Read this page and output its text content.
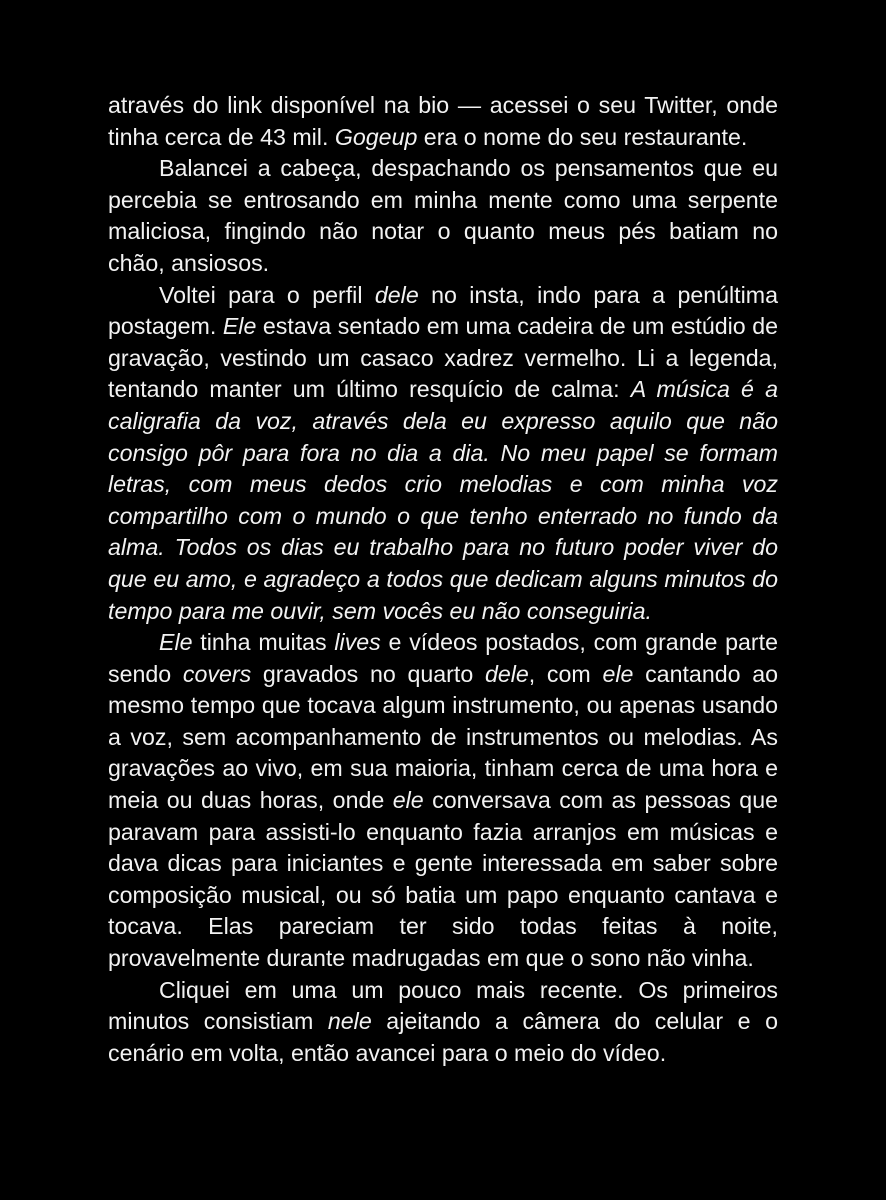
através do link disponível na bio — acessei o seu Twitter, onde tinha cerca de 43 mil. Gogeup era o nome do seu restaurante.

Balancei a cabeça, despachando os pensamentos que eu percebia se entrosando em minha mente como uma serpente maliciosa, fingindo não notar o quanto meus pés batiam no chão, ansiosos.

Voltei para o perfil dele no insta, indo para a penúltima postagem. Ele estava sentado em uma cadeira de um estúdio de gravação, vestindo um casaco xadrez vermelho. Li a legenda, tentando manter um último resquício de calma: A música é a caligrafia da voz, através dela eu expresso aquilo que não consigo pôr para fora no dia a dia. No meu papel se formam letras, com meus dedos crio melodias e com minha voz compartilho com o mundo o que tenho enterrado no fundo da alma. Todos os dias eu trabalho para no futuro poder viver do que eu amo, e agradeço a todos que dedicam alguns minutos do tempo para me ouvir, sem vocês eu não conseguiria.

Ele tinha muitas lives e vídeos postados, com grande parte sendo covers gravados no quarto dele, com ele cantando ao mesmo tempo que tocava algum instrumento, ou apenas usando a voz, sem acompanhamento de instrumentos ou melodias. As gravações ao vivo, em sua maioria, tinham cerca de uma hora e meia ou duas horas, onde ele conversava com as pessoas que paravam para assisti-lo enquanto fazia arranjos em músicas e dava dicas para iniciantes e gente interessada em saber sobre composição musical, ou só batia um papo enquanto cantava e tocava. Elas pareciam ter sido todas feitas à noite, provavelmente durante madrugadas em que o sono não vinha.

Cliquei em uma um pouco mais recente. Os primeiros minutos consistiam nele ajeitando a câmera do celular e o cenário em volta, então avancei para o meio do vídeo.
